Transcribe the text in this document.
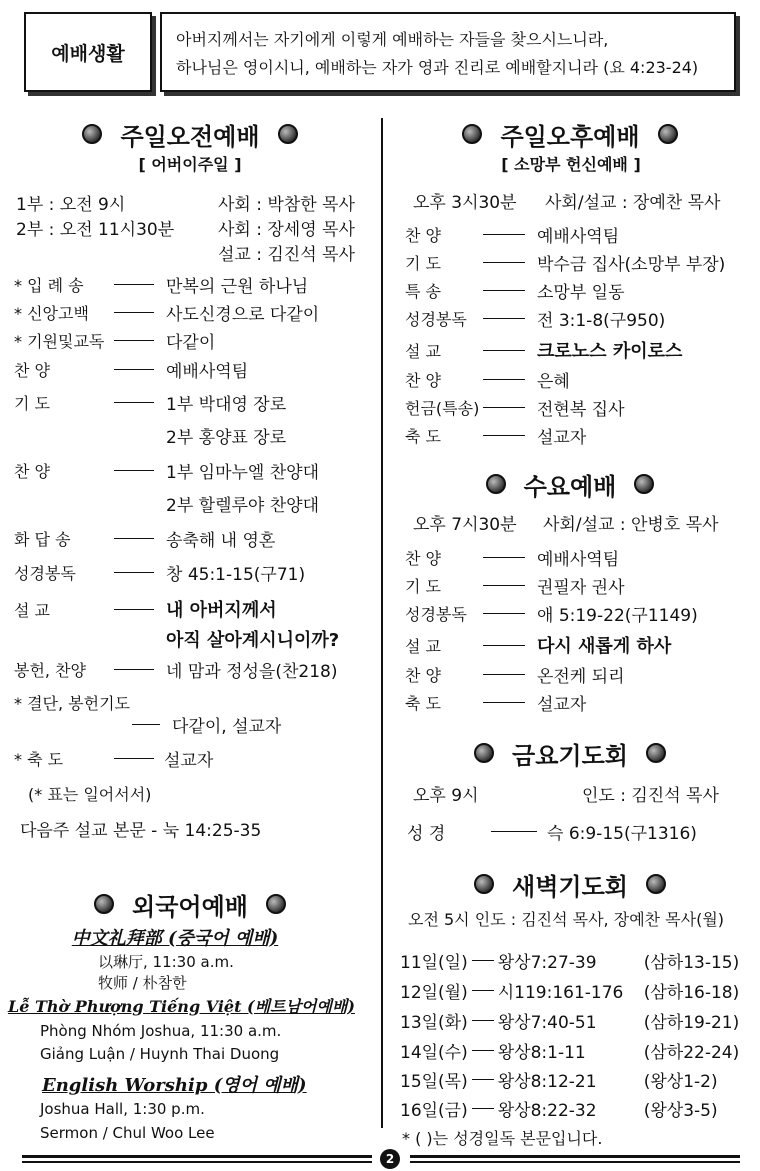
예배생활
아버지께서는 자기에게 이렇게 예배하는 자들을 찾으시느니라,
하나님은 영이시니, 예배하는 자가 영과 진리로 예배할지니라 (요 4:23-24)
주일오전예배
[ 어버이주일 ]
1부 : 오전 9시	사회 : 박참한 목사
2부 : 오전 11시30분	사회 : 장세영 목사
설교 : 김진석 목사
* 입 례 송	만복의 근원 하나님
* 신앙고백	사도신경으로 다같이
* 기원및교독	다같이
찬 양	예배사역팀
기 도	1부 박대영 장로
2부 홍양표 장로
찬 양	1부 임마누엘 찬양대
2부 할렐루야 찬양대
화 답 송	송축해 내 영혼
성경봉독	창 45:1-15(구71)
설 교	내 아버지께서
아직 살아계시니이까?
봉헌, 찬양	네 맘과 정성을(찬218)
* 결단, 봉헌기도
다같이, 설교자
* 축 도	설교자
(* 표는 일어서서)
다음주 설교 본문 - 눅 14:25-35
외국어예배
中文礼拜部 (중국어 예배)
以琳厅, 11:30 a.m.
牧师 / 朴참한
Lễ Thờ Phượng Tiếng Việt (베트남어예배)
Phòng Nhóm Joshua, 11:30 a.m.
Giảng Luận / Huynh Thai Duong
English Worship (영어 예배)
Joshua Hall, 1:30 p.m.
Sermon / Chul Woo Lee
주일오후예배
[ 소망부 헌신예배 ]
오후 3시30분 사회/설교 : 장예찬 목사
찬 양	예배사역팀
기 도	박수금 집사(소망부 부장)
특 송	소망부 일동
성경봉독	전 3:1-8(구950)
설 교	크로노스 카이로스
찬 양	은혜
헌금(특송)	전현복 집사
축 도	설교자
수요예배
오후 7시30분 사회/설교 : 안병호 목사
찬 양	예배사역팀
기 도	권필자 권사
성경봉독	애 5:19-22(구1149)
설 교	다시 새롭게 하사
찬 양	온전케 되리
축 도	설교자
금요기도회
오후 9시	인도 : 김진석 목사
성 경	슥 6:9-15(구1316)
새벽기도회
오전 5시 인도 : 김진석 목사, 장예찬 목사(월)
11일(일) 왕상7:27-39	(삼하13-15)
12일(월) 시119:161-176	(삼하16-18)
13일(화) 왕상7:40-51	(삼하19-21)
14일(수) 왕상8:1-11	(삼하22-24)
15일(목) 왕상8:12-21	(왕상1-2)
16일(금) 왕상8:22-32	(왕상3-5)
* ( )는 성경일독 본문입니다.
2
